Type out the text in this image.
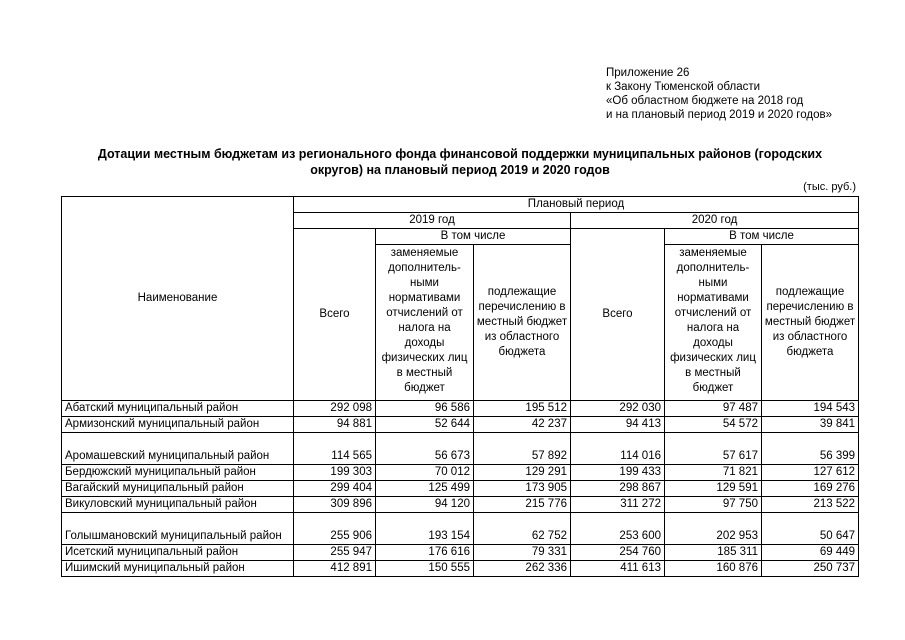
Приложение 26
к Закону Тюменской области
«Об областном бюджете на 2018 год
и на плановый период 2019 и 2020 годов»
Дотации местным бюджетам из регионального фонда финансовой поддержки муниципальных районов (городских округов) на плановый период 2019 и 2020 годов
(тыс. руб.)
Наименование	Плановый период					
	2019 год			2020 год		
	Всего	В том числе		Всего	В том числе	
		заменяемые дополнитель-ными нормативами отчислений от налога на доходы физических лиц в местный бюджет	подлежащие перечислению в местный бюджет из областного бюджета		заменяемые дополнитель-ными нормативами отчислений от налога на доходы физических лиц в местный бюджет	подлежащие перечислению в местный бюджет из областного бюджета
Абатский муниципальный район	292 098	96 586	195 512	292 030	97 487	194 543
Армизонский муниципальный район	94 881	52 644	42 237	94 413	54 572	39 841
Аромашевский муниципальный район	114 565	56 673	57 892	114 016	57 617	56 399
Бердюжский муниципальный район	199 303	70 012	129 291	199 433	71 821	127 612
Вагайский муниципальный район	299 404	125 499	173 905	298 867	129 591	169 276
Викуловский муниципальный район	309 896	94 120	215 776	311 272	97 750	213 522
Голышмановский муниципальный район	255 906	193 154	62 752	253 600	202 953	50 647
Исетский муниципальный район	255 947	176 616	79 331	254 760	185 311	69 449
Ишимский муниципальный район	412 891	150 555	262 336	411 613	160 876	250 737
